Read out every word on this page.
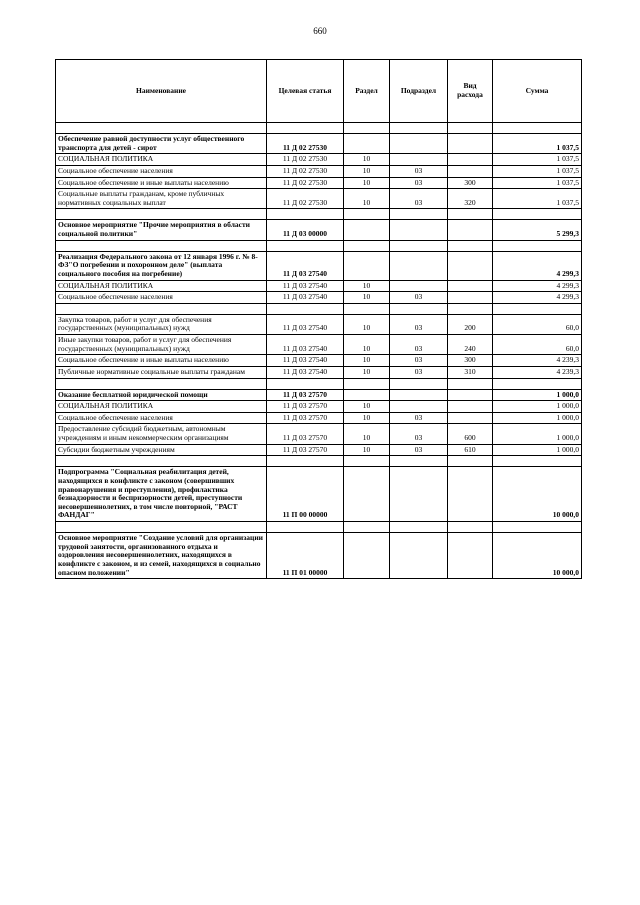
660
Наименование	Целевая статья	Раздел	Подраздел	Вид расхода	Сумма

Обеспечение равной доступности услуг общественного транспорта для детей - сирот	11 Д 02 27530				1 037,5
СОЦИАЛЬНАЯ ПОЛИТИКА	11 Д 02 27530	10			1 037,5
Социальное обеспечение населения	11 Д 02 27530	10	03		1 037,5
Социальное обеспечение и иные выплаты населению	11 Д 02 27530	10	03	300	1 037,5
Социальные выплаты гражданам, кроме публичных нормативных социальных выплат	11 Д 02 27530	10	03	320	1 037,5

Основное мероприятие "Прочие мероприятия в области социальной политики"	11 Д 03 00000				5 299,3

Реализация Федерального закона от 12 января 1996 г. № 8-ФЗ"О погребении и похоронном деле" (выплата социального пособия на погребение)	11 Д 03 27540				4 299,3
СОЦИАЛЬНАЯ ПОЛИТИКА	11 Д 03 27540	10			4 299,3
Социальное обеспечение населения	11 Д 03 27540	10	03		4 299,3

Закупка товаров, работ и услуг для обеспечения государственных (муниципальных) нужд	11 Д 03 27540	10	03	200	60,0
Иные закупки товаров, работ и услуг для обеспечения государственных (муниципальных) нужд	11 Д 03 27540	10	03	240	60,0
Социальное обеспечение и иные выплаты населению	11 Д 03 27540	10	03	300	4 239,3
Публичные нормативные социальные выплаты гражданам	11 Д 03 27540	10	03	310	4 239,3

Оказание бесплатной юридической помощи	11 Д 03 27570				1 000,0
СОЦИАЛЬНАЯ ПОЛИТИКА	11 Д 03 27570	10			1 000,0
Социальное обеспечение населения	11 Д 03 27570	10	03		1 000,0
Предоставление субсидий бюджетным, автономным учреждениям и иным некоммерческим организациям	11 Д 03 27570	10	03	600	1 000,0
Субсидии бюджетным учреждениям	11 Д 03 27570	10	03	610	1 000,0

Подпрограмма "Социальная реабилитация детей, находящихся в конфликте с законом (совершивших правонарушения и преступления), профилактика безнадзорности и беспризорности детей, преступности несовершеннолетних, в том числе повторной, "РАСТ ФАНДАГ"	11 П 00 00000				10 000,0

Основное мероприятие "Создание условий для организации трудовой занятости, организованного отдыха и оздоровления несовершеннолетних, находящихся в конфликте с законом, и из семей, находящихся в социально опасном положении"	11 П 01 00000				10 000,0
